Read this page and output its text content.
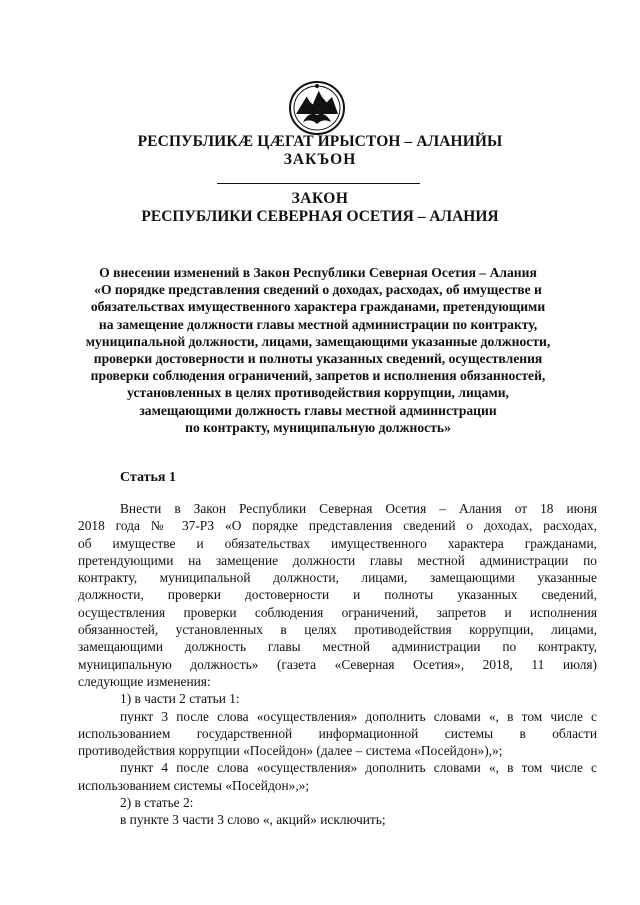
РЕСПУБЛИКÆ ЦÆГАТ ИРЫСТОН – АЛАНИЙЫ
ЗАКЪОН
ЗАКОН
РЕСПУБЛИКИ СЕВЕРНАЯ ОСЕТИЯ – АЛАНИЯ
О внесении изменений в Закон Республики Северная Осетия – Алания
«О порядке представления сведений о доходах, расходах, об имуществе и
обязательствах имущественного характера гражданами, претендующими
на замещение должности главы местной администрации по контракту,
муниципальной должности, лицами, замещающими указанные должности,
проверки достоверности и полноты указанных сведений, осуществления
проверки соблюдения ограничений, запретов и исполнения обязанностей,
установленных в целях противодействия коррупции, лицами,
замещающими должность главы местной администрации
по контракту, муниципальную должность»
Статья 1
Внести в Закон Республики Северная Осетия – Алания от 18 июня
2018 года № 37-РЗ «О порядке представления сведений о доходах, расходах,
об имуществе и обязательствах имущественного характера гражданами,
претендующими на замещение должности главы местной администрации по
контракту, муниципальной должности, лицами, замещающими указанные
должности, проверки достоверности и полноты указанных сведений,
осуществления проверки соблюдения ограничений, запретов и исполнения
обязанностей, установленных в целях противодействия коррупции, лицами,
замещающими должность главы местной администрации по контракту,
муниципальную должность» (газета «Северная Осетия», 2018, 11 июля)
следующие изменения:
1) в части 2 статьи 1:
пункт 3 после слова «осуществления» дополнить словами «, в том числе с
использованием государственной информационной системы в области
противодействия коррупции «Посейдон» (далее – система «Посейдон»),»;
пункт 4 после слова «осуществления» дополнить словами «, в том числе с
использованием системы «Посейдон»,»;
2) в статье 2:
в пункте 3 части 3 слово «, акций» исключить;
